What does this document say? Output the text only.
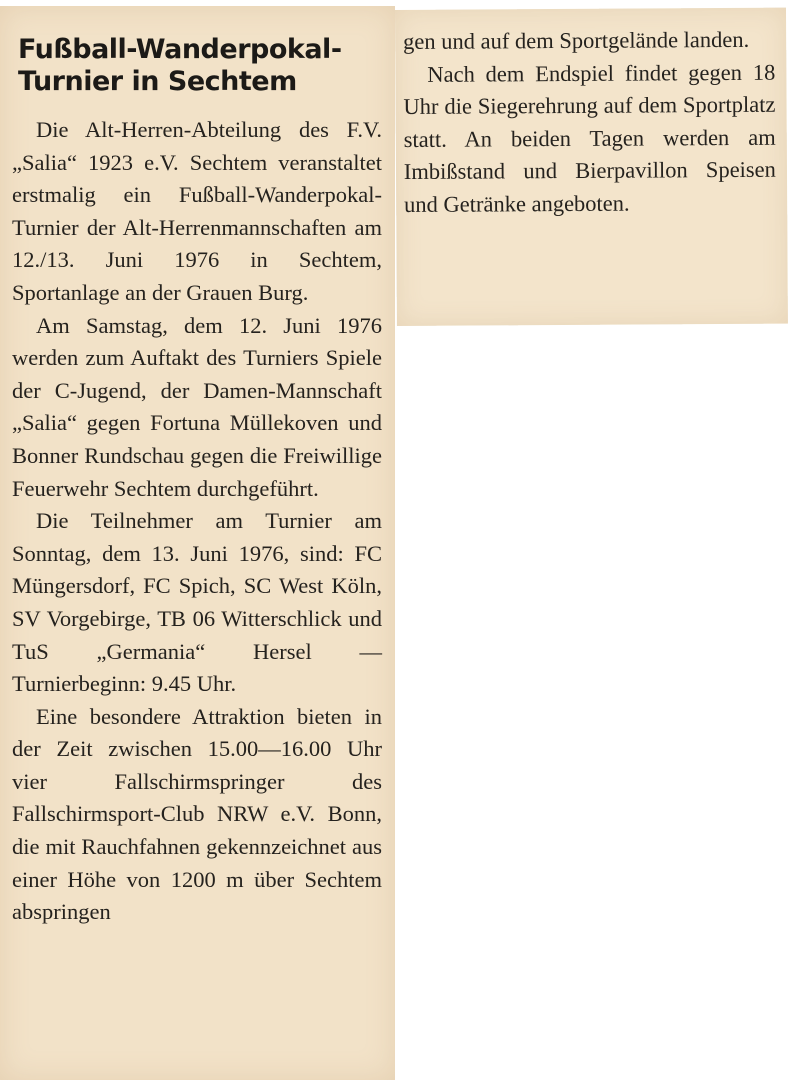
Fußball-Wanderpokal-Turnier in Sechtem

Die Alt-Herren-Abteilung des F.V. „Salia“ 1923 e.V. Sechtem veranstaltet erstmalig ein Fußball-Wanderpokal-Turnier der Alt-Herrenmannschaften am 12./13. Juni 1976 in Sechtem, Sportanlage an der Grauen Burg.

Am Samstag, dem 12. Juni 1976 werden zum Auftakt des Turniers Spiele der C-Jugend, der Damen-Mannschaft „Salia“ gegen Fortuna Müllekoven und Bonner Rundschau gegen die Freiwillige Feuerwehr Sechtem durchgeführt.

Die Teilnehmer am Turnier am Sonntag, dem 13. Juni 1976, sind: FC Müngersdorf, FC Spich, SC West Köln, SV Vorgebirge, TB 06 Witterschlick und TuS „Germania“ Hersel — Turnierbeginn: 9.45 Uhr.

Eine besondere Attraktion bieten in der Zeit zwischen 15.00—16.00 Uhr vier Fallschirmspringer des Fallschirmsport-Club NRW e.V. Bonn, die mit Rauchfahnen gekennzeichnet aus einer Höhe von 1200 m über Sechtem abspringen

gen und auf dem Sportgelände landen.

Nach dem Endspiel findet gegen 18 Uhr die Siegerehrung auf dem Sportplatz statt. An beiden Tagen werden am Imbißstand und Bierpavillon Speisen und Getränke angeboten.
